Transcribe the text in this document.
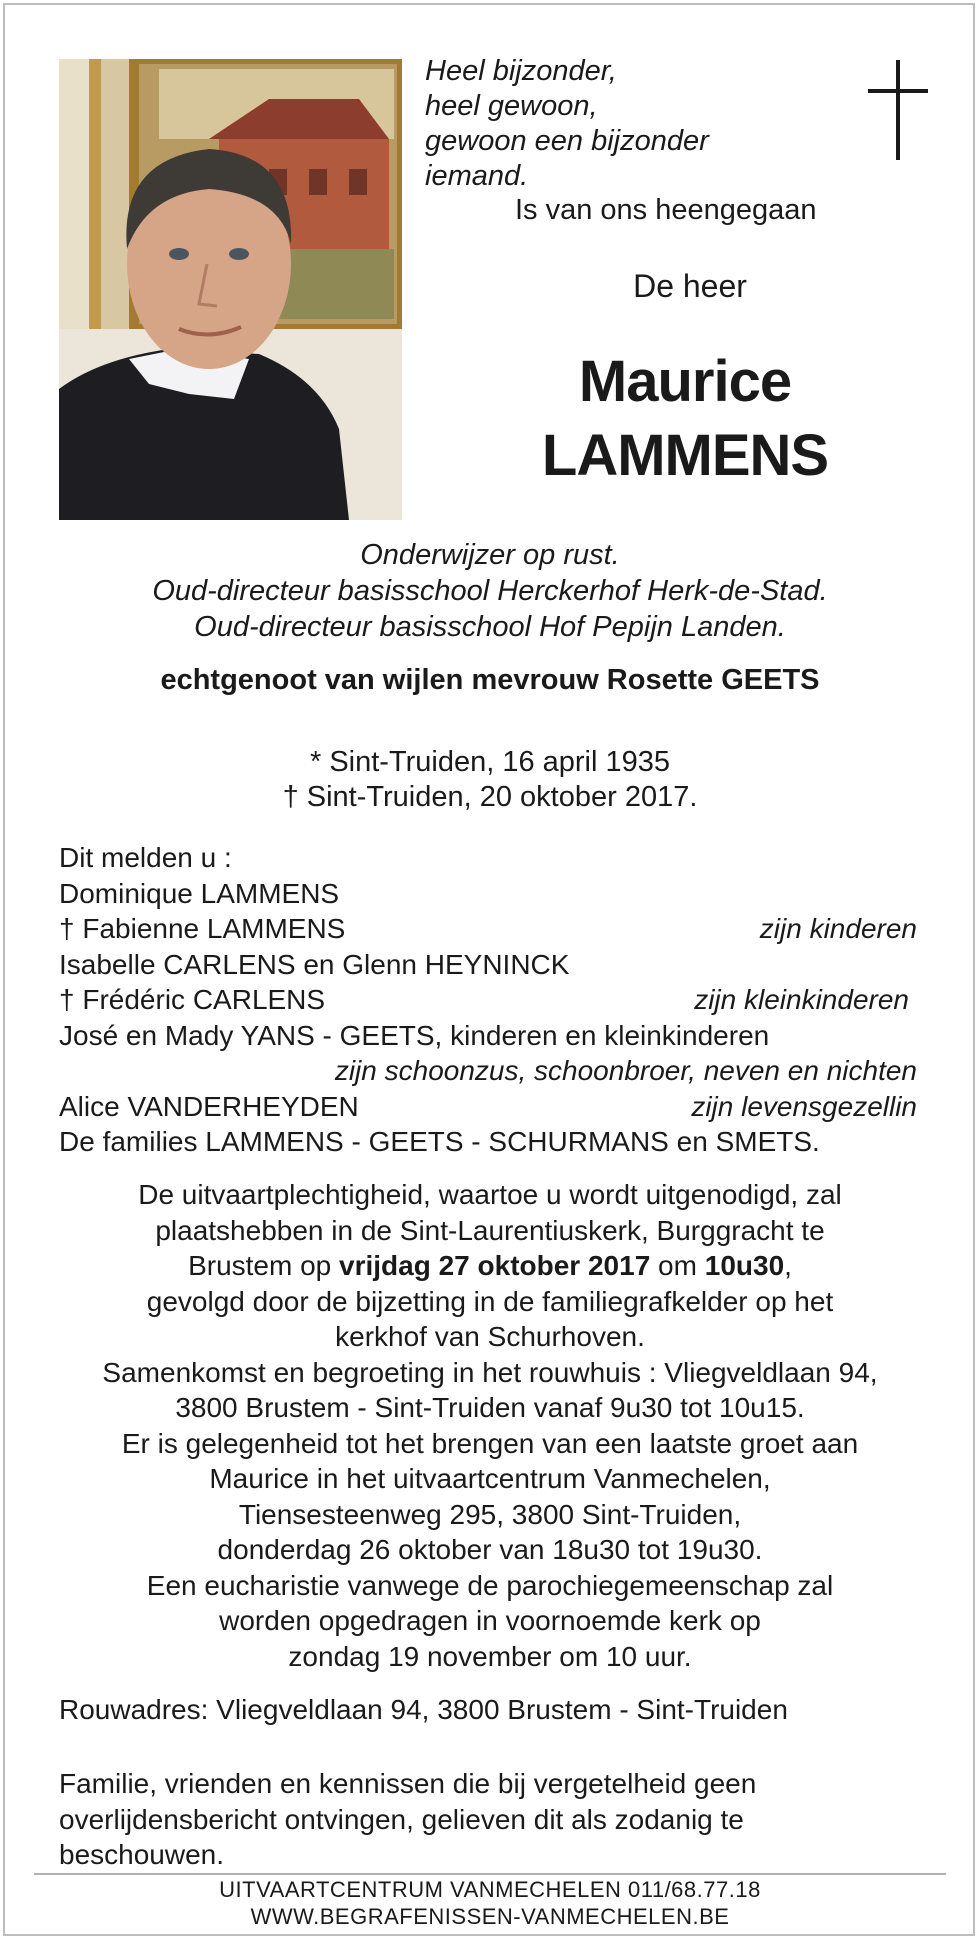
Heel bijzonder,
heel gewoon,
gewoon een bijzonder
iemand.
Is van ons heengegaan
De heer
Maurice
LAMMENS
Onderwijzer op rust.
Oud-directeur basisschool Herckerhof Herk-de-Stad.
Oud-directeur basisschool Hof Pepijn Landen.
echtgenoot van wijlen mevrouw Rosette GEETS
* Sint-Truiden, 16 april 1935
† Sint-Truiden, 20 oktober 2017.
Dit melden u :
Dominique LAMMENS
† Fabienne LAMMENS	zijn kinderen
Isabelle CARLENS en Glenn HEYNINCK
† Frédéric CARLENS	zijn kleinkinderen
José en Mady YANS - GEETS, kinderen en kleinkinderen
zijn schoonzus, schoonbroer, neven en nichten
Alice VANDERHEYDEN	zijn levensgezellin
De families LAMMENS - GEETS - SCHURMANS en SMETS.
De uitvaartplechtigheid, waartoe u wordt uitgenodigd, zal
plaatshebben in de Sint-Laurentiuskerk, Burggracht te
Brustem op vrijdag 27 oktober 2017 om 10u30,
gevolgd door de bijzetting in de familiegrafkelder op het
kerkhof van Schurhoven.
Samenkomst en begroeting in het rouwhuis : Vliegveldlaan 94,
3800 Brustem - Sint-Truiden vanaf 9u30 tot 10u15.
Er is gelegenheid tot het brengen van een laatste groet aan
Maurice in het uitvaartcentrum Vanmechelen,
Tiensesteenweg 295, 3800 Sint-Truiden,
donderdag 26 oktober van 18u30 tot 19u30.
Een eucharistie vanwege de parochiegemeenschap zal
worden opgedragen in voornoemde kerk op
zondag 19 november om 10 uur.
Rouwadres: Vliegveldlaan 94, 3800 Brustem - Sint-Truiden
Familie, vrienden en kennissen die bij vergetelheid geen
overlijdensbericht ontvingen, gelieven dit als zodanig te
beschouwen.
UITVAARTCENTRUM VANMECHELEN 011/68.77.18
WWW.BEGRAFENISSEN-VANMECHELEN.BE
